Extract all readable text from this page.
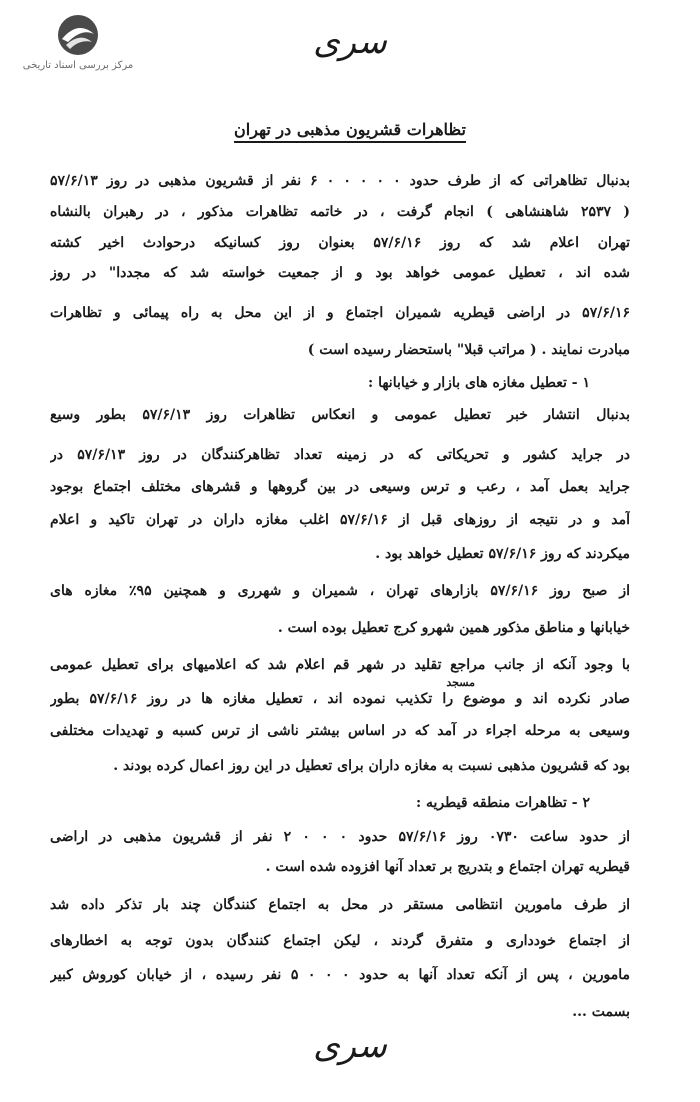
مرکز بررسی اسناد تاریخی
سری
تظاهرات قشریون مذهبی در تهران
بدنبال تظاهراتی که از طرف حدود ۰ ۰ ۰ ۰ ۰ ۶ نفر از قشریون مذهبی در روز ۵۷/۶/۱۳
( ۲۵۳۷ شاهنشاهی ) انجام گرفت ، در خاتمه تظاهرات مذکور ، در رهبران بالنشاه
تهران اعلام شد که روز ۵۷/۶/۱۶ بعنوان روز کسانیکه درحوادث اخیر کشته
شده اند ، تعطیل عمومی خواهد بود و از جمعیت خواسته شد که مجددا" در روز
۵۷/۶/۱۶ در اراضی قیطریه شمیران اجتماع و از این محل به راه پیمائی و تظاهرات
مبادرت نمایند . ( مراتب قبلا" باستحضار رسیده است )
۱ - تعطیل مغازه های بازار و خیابانها :
بدنبال انتشار خبر تعطیل عمومی و انعکاس تظاهرات روز ۵۷/۶/۱۳ بطور وسیع
در جراید کشور و تحریکاتی که در زمینه تعداد تظاهرکنندگان در روز ۵۷/۶/۱۳ در
جراید بعمل آمد ، رعب و ترس وسیعی در بین گروهها و قشرهای مختلف اجتماع بوجود
آمد و در نتیجه از روزهای قبل از ۵۷/۶/۱۶ اغلب مغازه داران در تهران تاکید و اعلام
میکردند که روز ۵۷/۶/۱۶ تعطیل خواهد بود .
از صبح روز ۵۷/۶/۱۶ بازارهای تهران ، شمیران و شهرری و همچنین ۹۵٪ مغازه های
خیابانها و مناطق مذکور همین شهرو کرج تعطیل بوده است .
با وجود آنکه از جانب مراجع تقلید در شهر قم اعلام شد که اعلامیهای برای تعطیل عمومی
صادر نکرده اند و موضوع را تکذیب نموده اند ، تعطیل مغازه ها در روز ۵۷/۶/۱۶ بطور
وسیعی به مرحله اجراء در آمد که در اساس بیشتر ناشی از ترس کسبه و تهدیدات مختلفی
بود که قشریون مذهبی نسبت به مغازه داران برای تعطیل در این روز اعمال کرده بودند .
۲ - تظاهرات منطقه قیطریه :
از حدود ساعت ۰۷۳۰ روز ۵۷/۶/۱۶ حدود ۰ ۰ ۰ ۲ نفر از قشریون مذهبی در اراضی
قیطریه تهران اجتماع و بتدریج بر تعداد آنها افزوده شده است .
از طرف مامورین انتظامی مستقر در محل به اجتماع کنندگان چند بار تذکر داده شد
از اجتماع خودداری و متفرق گردند ، لیکن اجتماع کنندگان بدون توجه به اخطارهای
مامورین ، پس از آنکه تعداد آنها به حدود ۰ ۰ ۰ ۵ نفر رسیده ، از خیابان کوروش کبیر
بسمت ...
مسجد
سری
